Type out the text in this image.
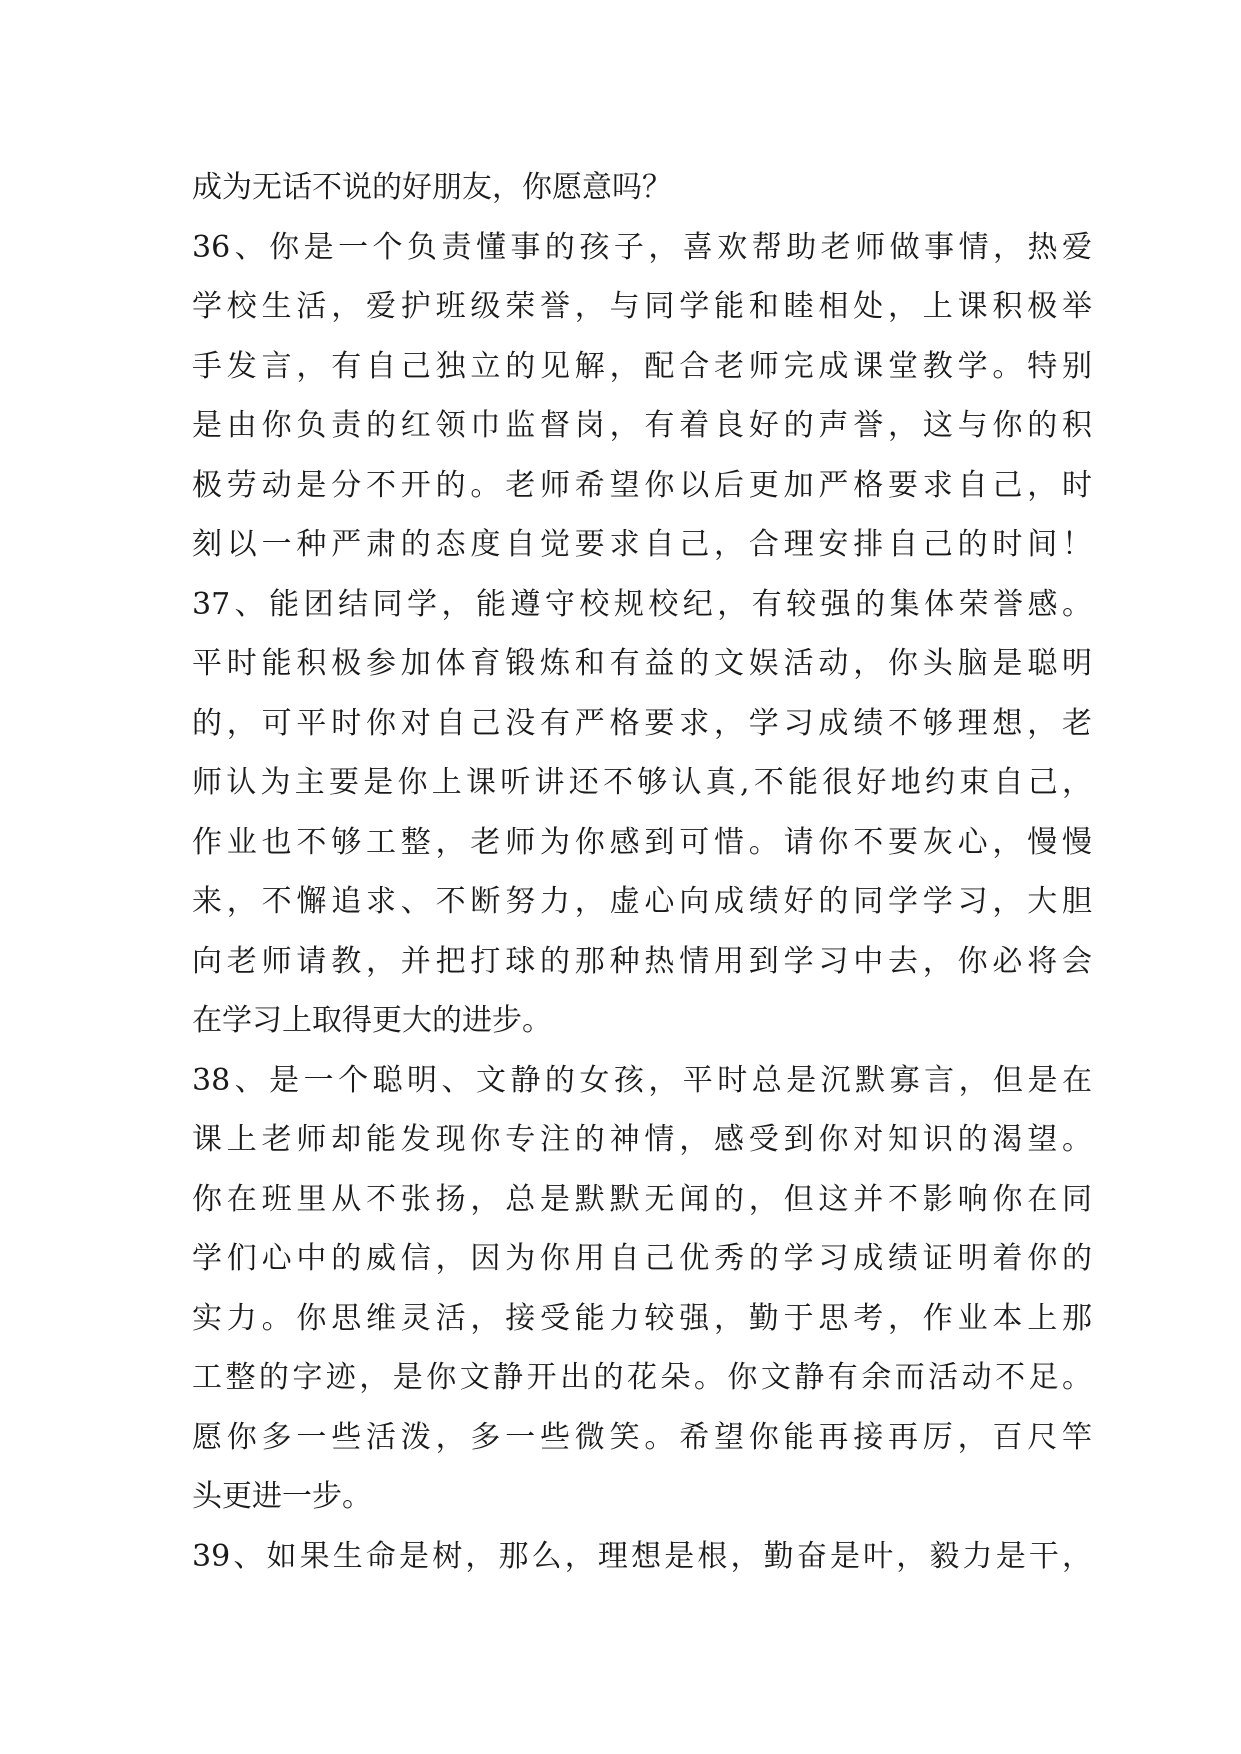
成为无话不说的好朋友，你愿意吗？
36、你是一个负责懂事的孩子，喜欢帮助老师做事情，热爱
学校生活，爱护班级荣誉，与同学能和睦相处，上课积极举
手发言，有自己独立的见解，配合老师完成课堂教学。特别
是由你负责的红领巾监督岗，有着良好的声誉，这与你的积
极劳动是分不开的。老师希望你以后更加严格要求自己，时
刻以一种严肃的态度自觉要求自己，合理安排自己的时间！
37、能团结同学，能遵守校规校纪，有较强的集体荣誉感。
平时能积极参加体育锻炼和有益的文娱活动，你头脑是聪明
的，可平时你对自己没有严格要求，学习成绩不够理想，老
师认为主要是你上课听讲还不够认真,不能很好地约束自己，
作业也不够工整，老师为你感到可惜。请你不要灰心，慢慢
来，不懈追求、不断努力，虚心向成绩好的同学学习，大胆
向老师请教，并把打球的那种热情用到学习中去，你必将会
在学习上取得更大的进步。
38、是一个聪明、文静的女孩，平时总是沉默寡言，但是在
课上老师却能发现你专注的神情，感受到你对知识的渴望。
你在班里从不张扬，总是默默无闻的，但这并不影响你在同
学们心中的威信，因为你用自己优秀的学习成绩证明着你的
实力。你思维灵活，接受能力较强，勤于思考，作业本上那
工整的字迹，是你文静开出的花朵。你文静有余而活动不足。
愿你多一些活泼，多一些微笑。希望你能再接再厉，百尺竿
头更进一步。
39、如果生命是树，那么，理想是根，勤奋是叶，毅力是干，
